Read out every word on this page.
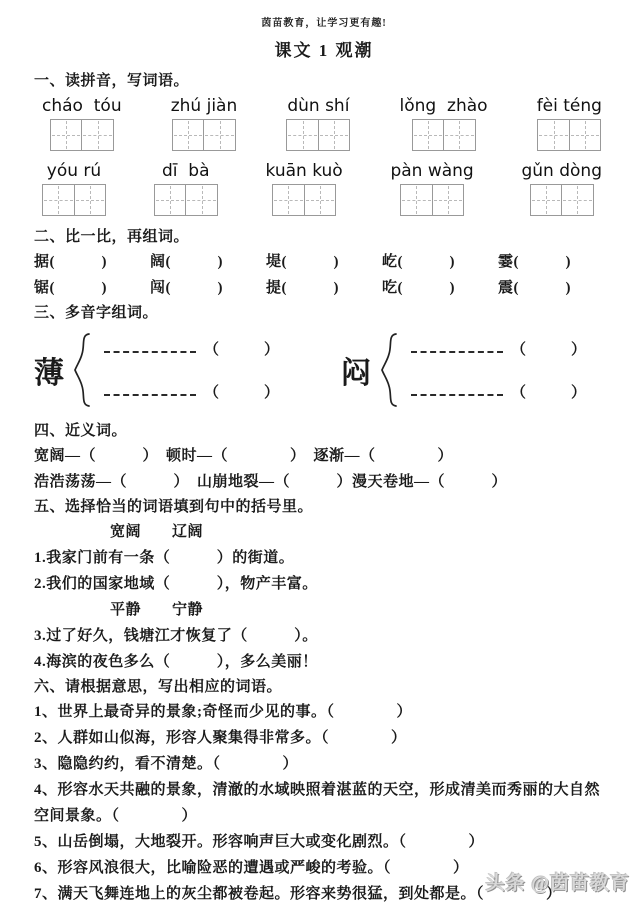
茵苗教育，让学习更有趣!
课文 1 观潮
一、读拼音，写词语。
cháo  tóu	zhú jiàn	dùn shí	lǒng  zhào	fèi téng
yóu rú	dī  bà	kuān kuò	pàn wàng	gǔn dòng
二、比一比，再组词。
据(　　　)	阔(　　　)	堤(　　　)	屹(　　　)	霎(　　　)
锯(　　　)	闯(　　　)	提(　　　)	吃(　　　)	震(　　　)
三、多音字组词。
薄
（　　　）
（　　　）
闷
（　　　）
（　　　）
四、近义词。
宽阔—（　　　）　顿时—（　　　　）　逐渐—（　　　　）
浩浩荡荡—（　　　）　山崩地裂—（　　　）漫天卷地—（　　　）
五、选择恰当的词语填到句中的括号里。
宽阔　　辽阔
1.我家门前有一条（　　　）的街道。
2.我们的国家地域（　　　），物产丰富。
平静　　宁静
3.过了好久，钱塘江才恢复了（　　　）。
4.海滨的夜色多么（　　　），多么美丽！
六、请根据意思，写出相应的词语。
1、世界上最奇异的景象;奇怪而少见的事。（　　　　）
2、人群如山似海，形容人聚集得非常多。（　　　　）
3、隐隐约约，看不清楚。（　　　　）
4、形容水天共融的景象，清澈的水域映照着湛蓝的天空，形成清美而秀丽的大自然空间景象。（　　　　）
5、山岳倒塌，大地裂开。形容响声巨大或变化剧烈。（　　　　）
6、形容风浪很大，比喻险恶的遭遇或严峻的考验。（　　　　）
7、满天飞舞连地上的灰尘都被卷起。形容来势很猛，到处都是。（　　　　）
头条 @茵苗教育
